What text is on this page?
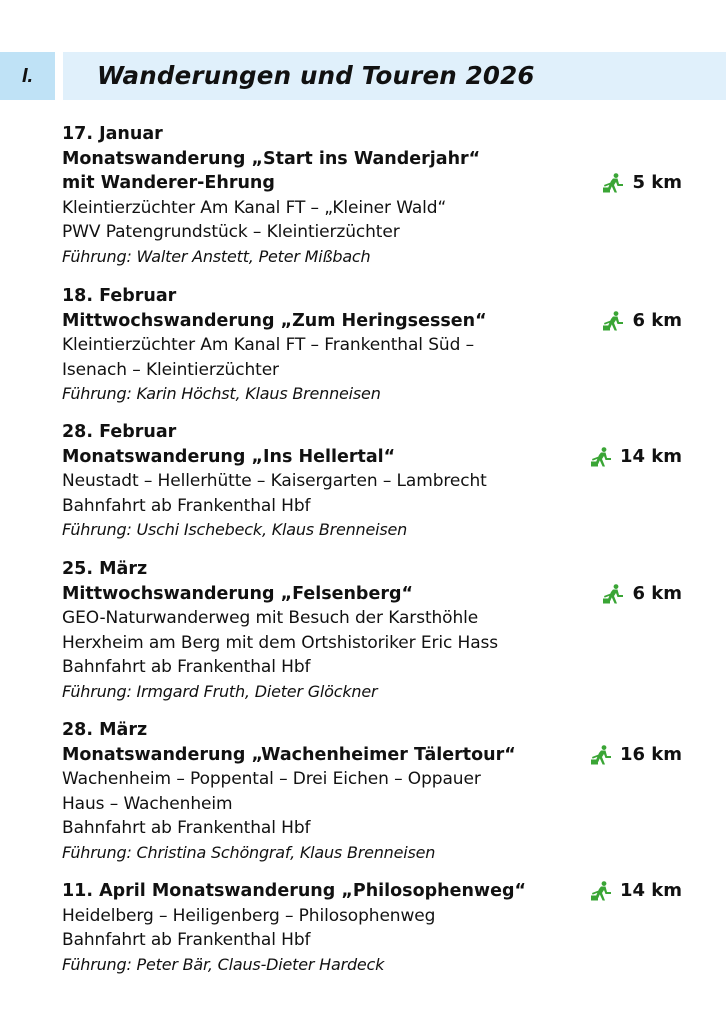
I.	Wanderungen und Touren 2026
17. Januar
Monatswanderung „Start ins Wanderjahr“
mit Wanderer-Ehrung	5 km
Kleintierzüchter Am Kanal FT – „Kleiner Wald“
PWV Patengrundstück – Kleintierzüchter
Führung: Walter Anstett, Peter Mißbach
18. Februar
Mittwochswanderung „Zum Heringsessen“	6 km
Kleintierzüchter Am Kanal FT – Frankenthal Süd –
Isenach – Kleintierzüchter
Führung: Karin Höchst, Klaus Brenneisen
28. Februar
Monatswanderung „Ins Hellertal“	14 km
Neustadt – Hellerhütte – Kaisergarten – Lambrecht
Bahnfahrt ab Frankenthal Hbf
Führung: Uschi Ischebeck, Klaus Brenneisen
25. März
Mittwochswanderung „Felsenberg“	6 km
GEO-Naturwanderweg mit Besuch der Karsthöhle
Herxheim am Berg mit dem Ortshistoriker Eric Hass
Bahnfahrt ab Frankenthal Hbf
Führung: Irmgard Fruth, Dieter Glöckner
28. März
Monatswanderung „Wachenheimer Tälertour“	16 km
Wachenheim – Poppental – Drei Eichen – Oppauer
Haus – Wachenheim
Bahnfahrt ab Frankenthal Hbf
Führung: Christina Schöngraf, Klaus Brenneisen
11. April Monatswanderung „Philosophenweg“	14 km
Heidelberg – Heiligenberg – Philosophenweg
Bahnfahrt ab Frankenthal Hbf
Führung: Peter Bär, Claus-Dieter Hardeck
